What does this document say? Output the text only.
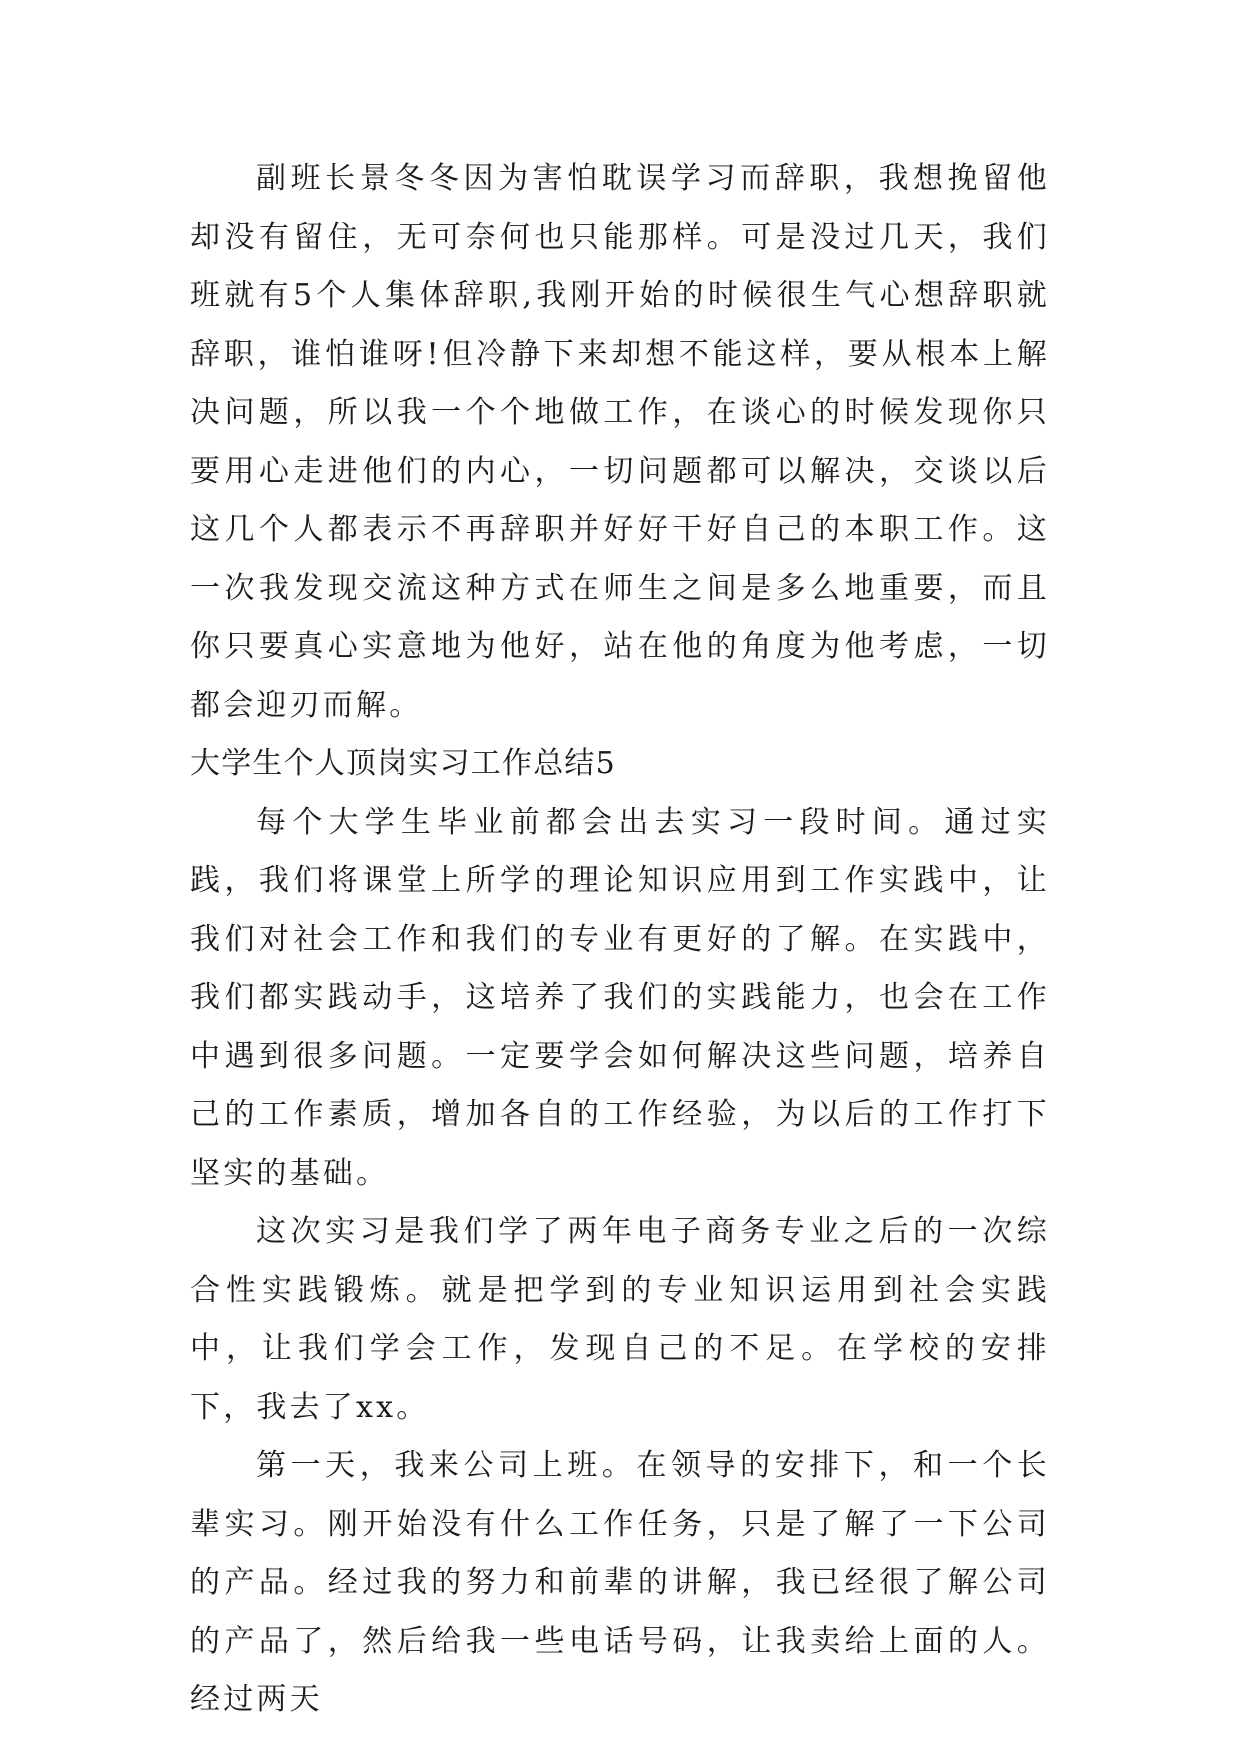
副班长景冬冬因为害怕耽误学习而辞职，我想挽留他却没有留住，无可奈何也只能那样。可是没过几天，我们班就有5个人集体辞职,我刚开始的时候很生气心想辞职就辞职，谁怕谁呀!但冷静下来却想不能这样，要从根本上解决问题，所以我一个个地做工作，在谈心的时候发现你只要用心走进他们的内心，一切问题都可以解决，交谈以后这几个人都表示不再辞职并好好干好自己的本职工作。这一次我发现交流这种方式在师生之间是多么地重要，而且你只要真心实意地为他好，站在他的角度为他考虑，一切都会迎刃而解。

大学生个人顶岗实习工作总结5

每个大学生毕业前都会出去实习一段时间。通过实践，我们将课堂上所学的理论知识应用到工作实践中，让我们对社会工作和我们的专业有更好的了解。在实践中，我们都实践动手，这培养了我们的实践能力，也会在工作中遇到很多问题。一定要学会如何解决这些问题，培养自己的工作素质，增加各自的工作经验，为以后的工作打下坚实的基础。

这次实习是我们学了两年电子商务专业之后的一次综合性实践锻炼。就是把学到的专业知识运用到社会实践中，让我们学会工作，发现自己的不足。在学校的安排下，我去了xx。

第一天，我来公司上班。在领导的安排下，和一个长辈实习。刚开始没有什么工作任务，只是了解了一下公司的产品。经过我的努力和前辈的讲解，我已经很了解公司的产品了，然后给我一些电话号码，让我卖给上面的人。经过两天
